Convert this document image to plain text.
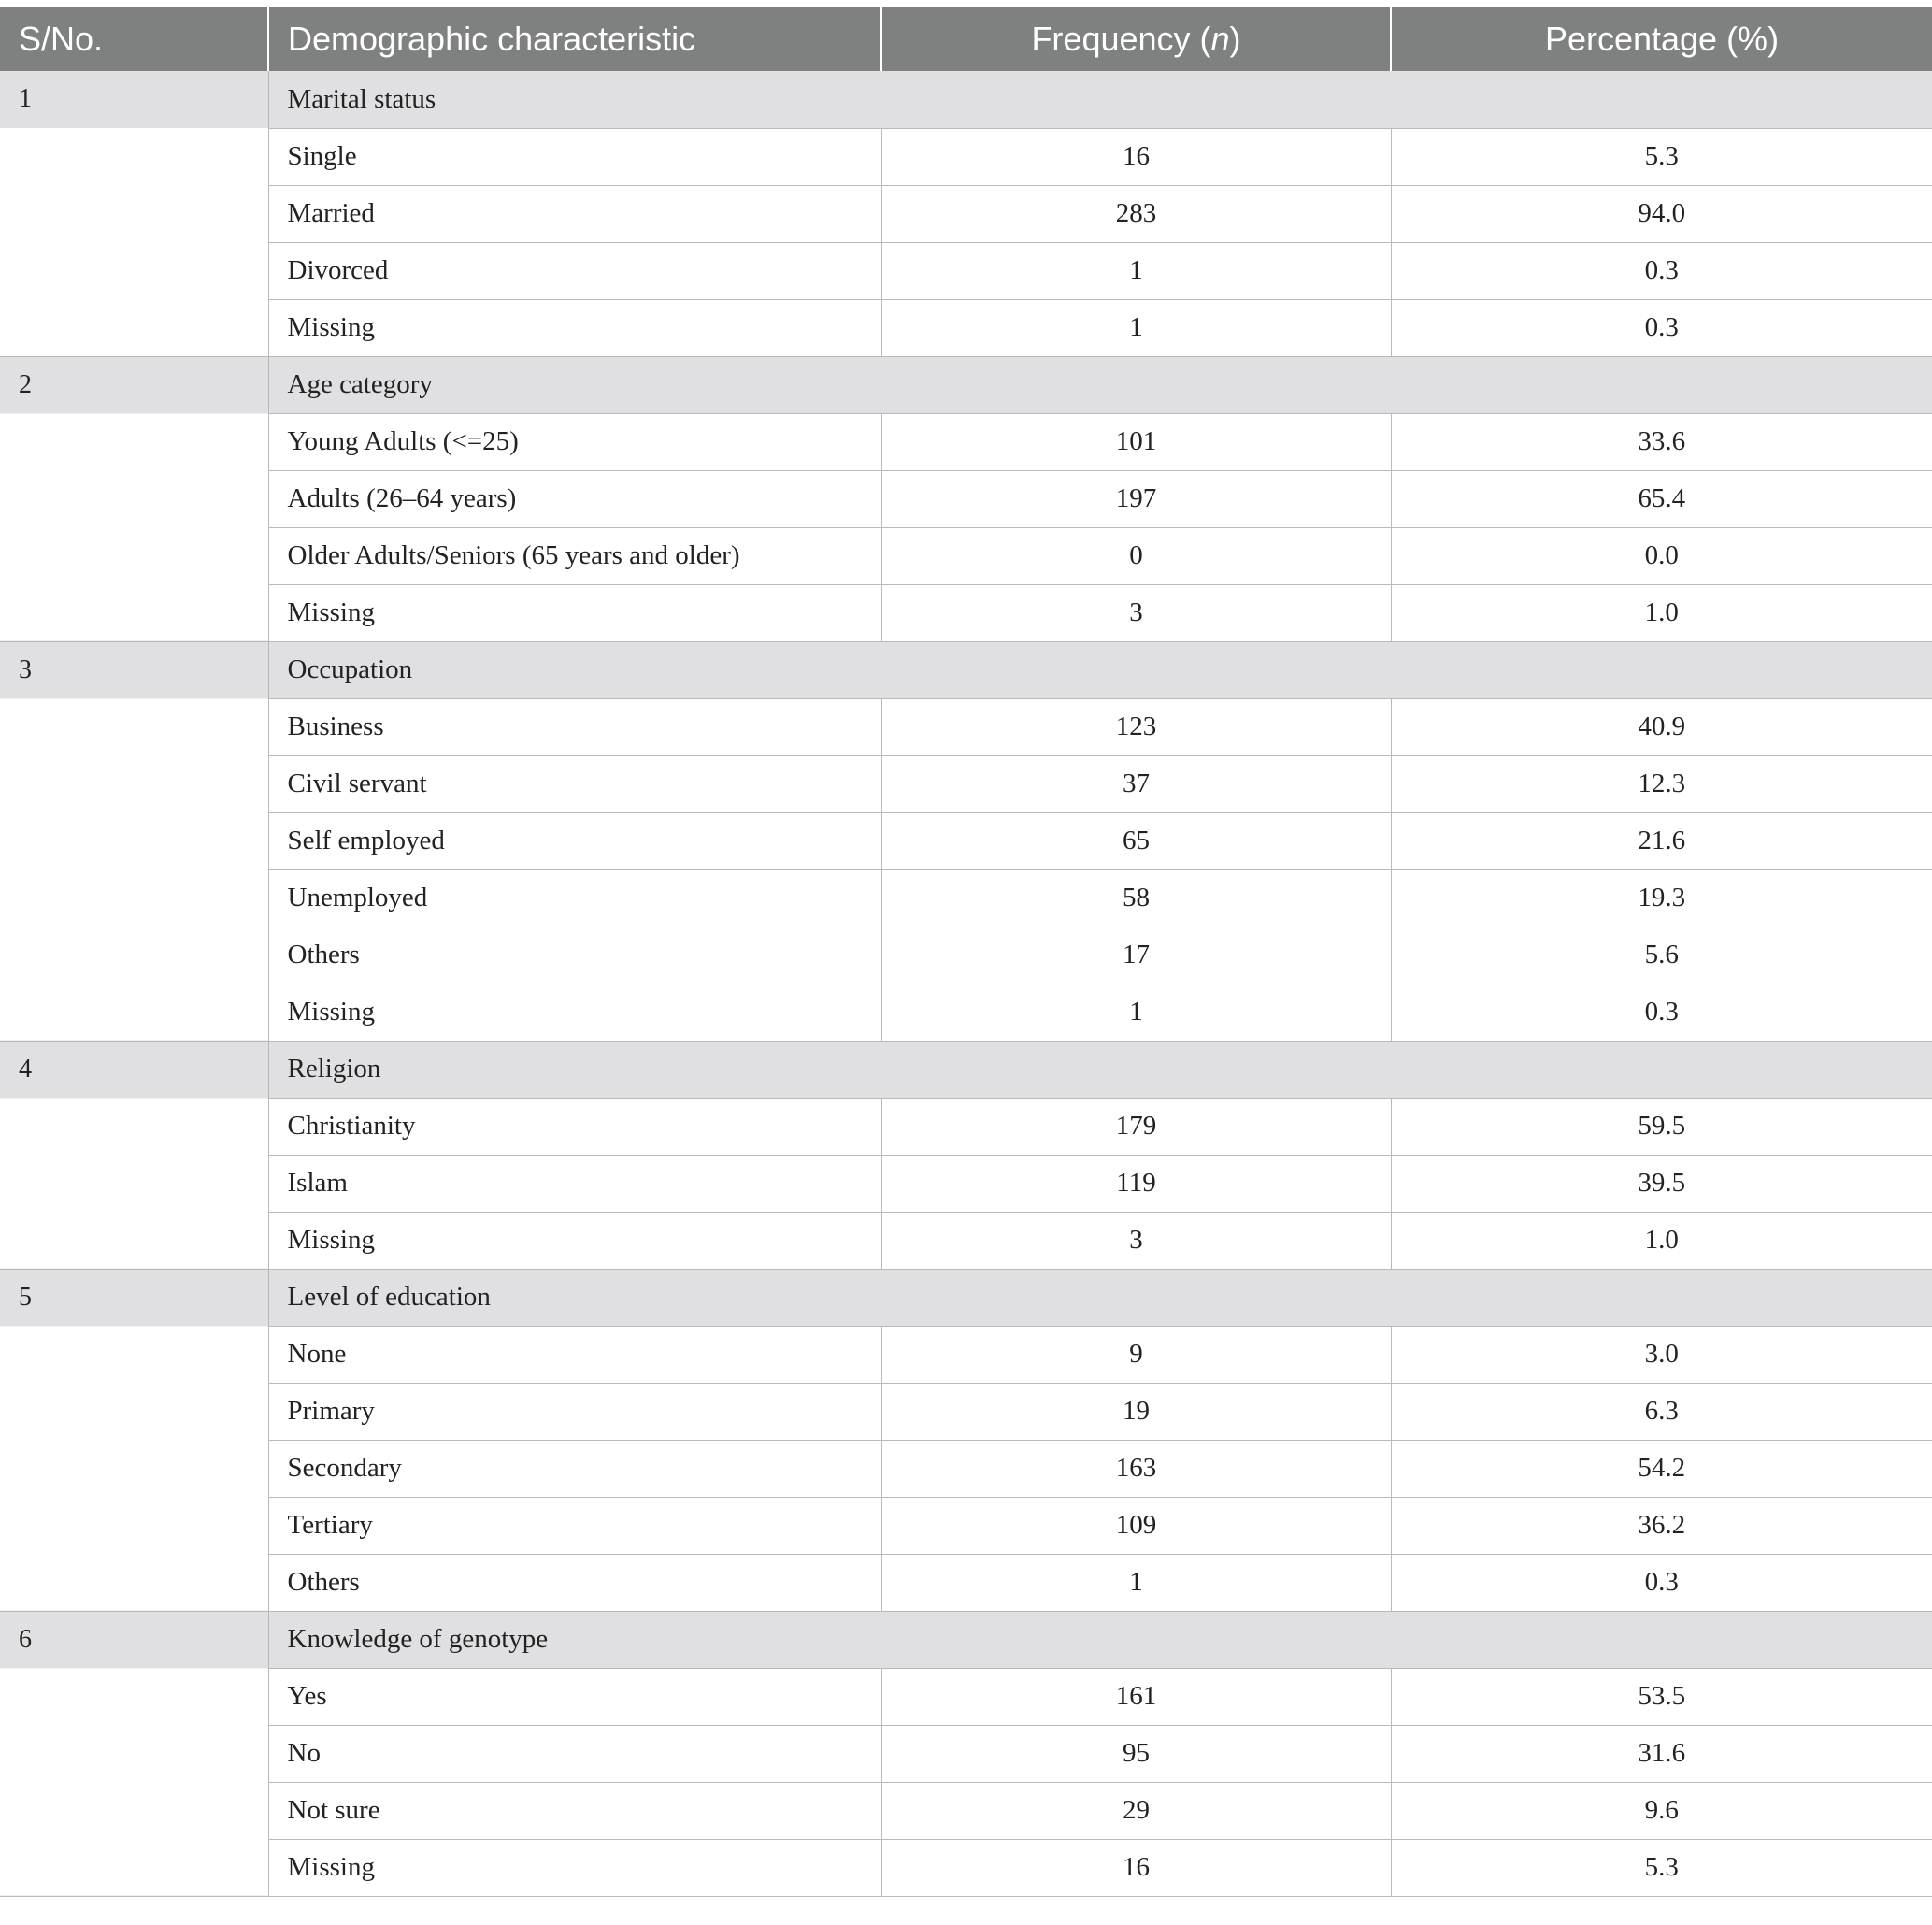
S/No.	Demographic characteristic	Frequency (n)	Percentage (%)
1	Marital status		
	Single	16	5.3
	Married	283	94.0
	Divorced	1	0.3
	Missing	1	0.3
2	Age category		
	Young Adults (<=25)	101	33.6
	Adults (26–64 years)	197	65.4
	Older Adults/Seniors (65 years and older)	0	0.0
	Missing	3	1.0
3	Occupation		
	Business	123	40.9
	Civil servant	37	12.3
	Self employed	65	21.6
	Unemployed	58	19.3
	Others	17	5.6
	Missing	1	0.3
4	Religion		
	Christianity	179	59.5
	Islam	119	39.5
	Missing	3	1.0
5	Level of education		
	None	9	3.0
	Primary	19	6.3
	Secondary	163	54.2
	Tertiary	109	36.2
	Others	1	0.3
6	Knowledge of genotype		
	Yes	161	53.5
	No	95	31.6
	Not sure	29	9.6
	Missing	16	5.3
